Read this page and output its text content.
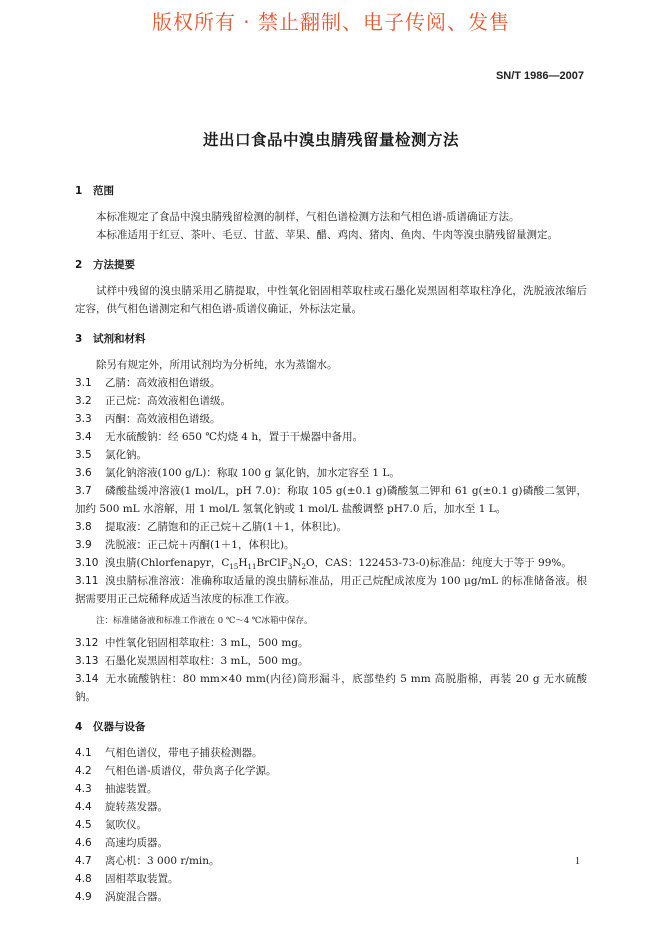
版权所有 · 禁止翻制、电子传阅、发售
SN/T 1986—2007
进出口食品中溴虫腈残留量检测方法

1 范围

本标准规定了食品中溴虫腈残留检测的制样，气相色谱检测方法和气相色谱-质谱确证方法。

本标准适用于红豆、茶叶、毛豆、甘蓝、苹果、醋、鸡肉、猪肉、鱼肉、牛肉等溴虫腈残留量测定。

2 方法提要

试样中残留的溴虫腈采用乙腈提取，中性氧化铝固相萃取柱或石墨化炭黑固相萃取柱净化，洗脱液浓缩后定容，供气相色谱测定和气相色谱-质谱仪确证，外标法定量。

3 试剂和材料

除另有规定外，所用试剂均为分析纯，水为蒸馏水。

3.1 乙腈：高效液相色谱级。

3.2 正己烷：高效液相色谱级。

3.3 丙酮：高效液相色谱级。

3.4 无水硫酸钠：经 650 ℃灼烧 4 h，置于干燥器中备用。

3.5 氯化钠。

3.6 氯化钠溶液(100 g/L)：称取 100 g 氯化钠，加水定容至 1 L。

3.7 磷酸盐缓冲溶液(1 mol/L，pH 7.0)：称取 105 g(±0.1 g)磷酸氢二钾和 61 g(±0.1 g)磷酸二氢钾，加约 500 mL 水溶解，用 1 mol/L 氢氧化钠或 1 mol/L 盐酸调整 pH7.0 后，加水至 1 L。

3.8 提取液：乙腈饱和的正己烷＋乙腈(1＋1，体积比)。

3.9 洗脱液：正己烷＋丙酮(1＋1，体积比)。

3.10 溴虫腈(Chlorfenapyr，$C_{15}H_{11}BrClF_3N_2O$，CAS：122453-73-0)标准品：纯度大于等于 99%。

3.11 溴虫腈标准溶液：准确称取适量的溴虫腈标准品，用正己烷配成浓度为 100 μg/mL 的标准储备液。根据需要用正己烷稀释成适当浓度的标准工作液。

注：标准储备液和标准工作液在 0 ℃～4 ℃冰箱中保存。

3.12 中性氧化铝固相萃取柱：3 mL，500 mg。

3.13 石墨化炭黑固相萃取柱：3 mL，500 mg。

3.14 无水硫酸钠柱：80 mm×40 mm(内径)筒形漏斗，底部垫约 5 mm 高脱脂棉，再装 20 g 无水硫酸钠。

4 仪器与设备

4.1 气相色谱仪，带电子捕获检测器。

4.2 气相色谱-质谱仪，带负离子化学源。

4.3 抽滤装置。

4.4 旋转蒸发器。

4.5 氮吹仪。

4.6 高速均质器。

4.7 离心机：3 000 r/min。

4.8 固相萃取装置。

4.9 涡旋混合器。

1
